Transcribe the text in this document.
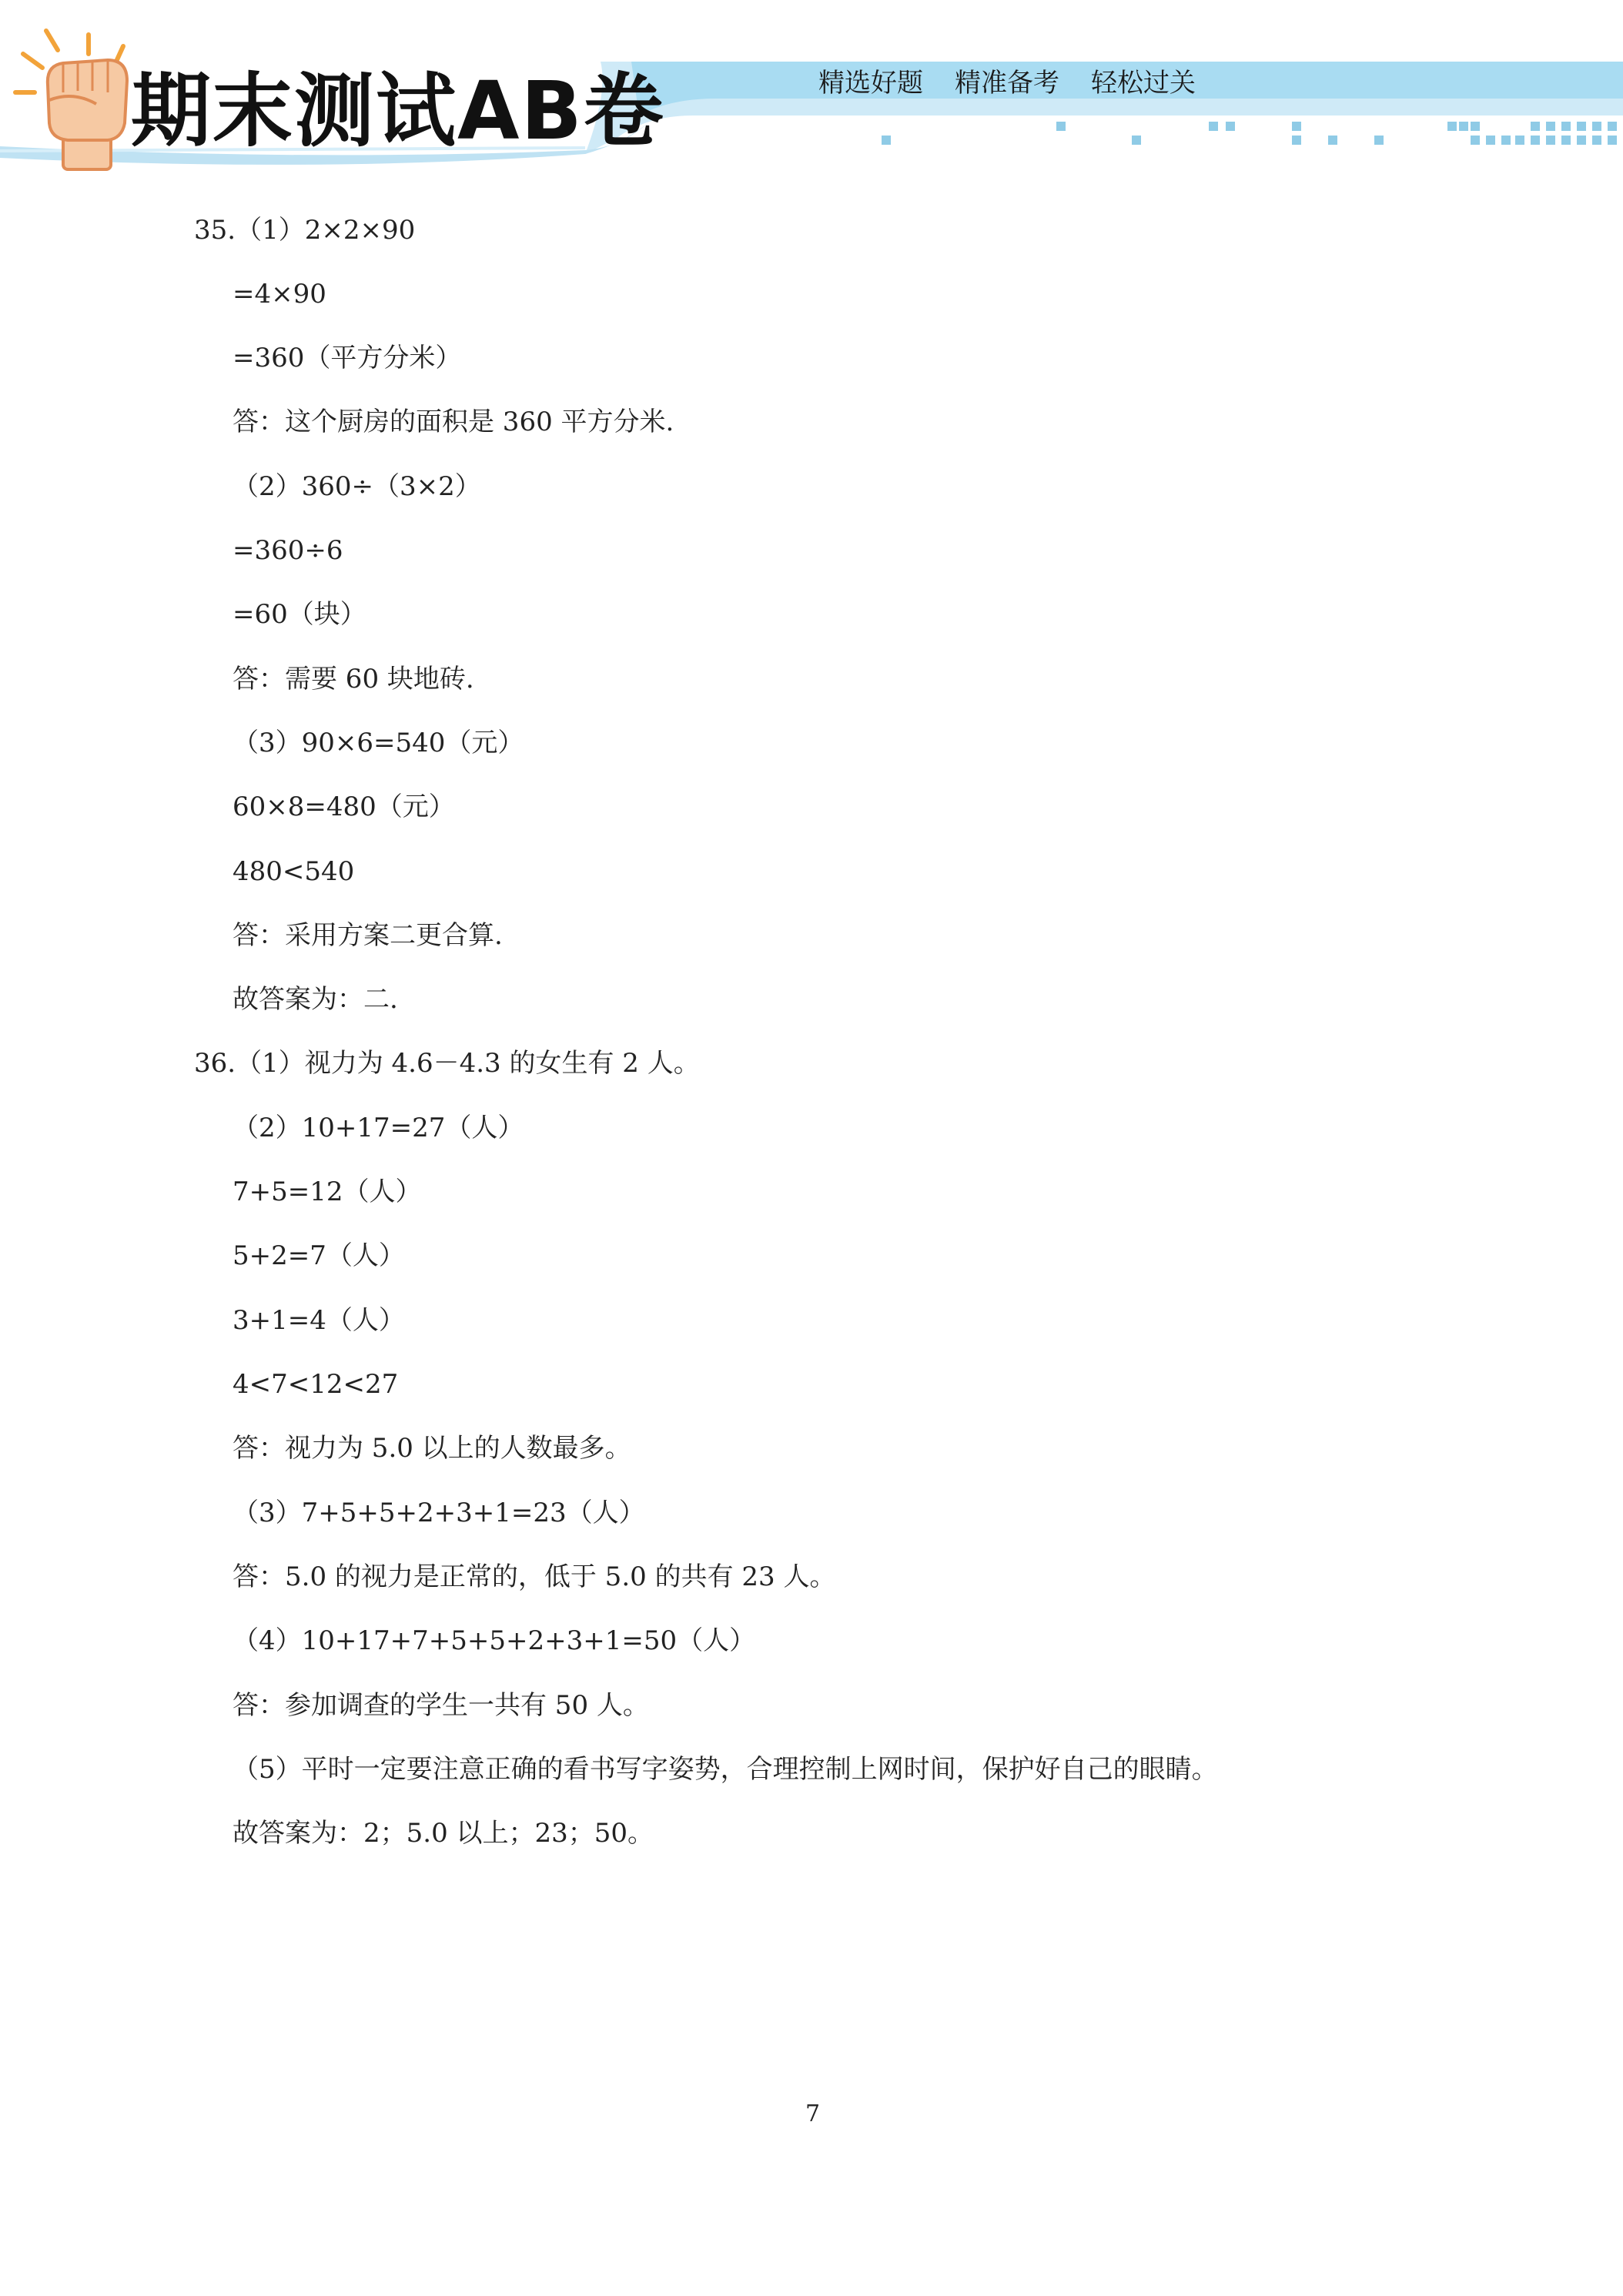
期末测试AB卷	精选好题 精准备考 轻松过关
35.（1）2×2×90
=4×90
=360（平方分米）
答：这个厨房的面积是 360 平方分米.
（2）360÷（3×2）
=360÷6
=60（块）
答：需要 60 块地砖.
（3）90×6=540（元）
60×8=480（元）
480<540
答：采用方案二更合算.
故答案为：二.
36.（1）视力为 4.6－4.3 的女生有 2 人。
（2）10+17=27（人）
7+5=12（人）
5+2=7（人）
3+1=4（人）
4<7<12<27
答：视力为 5.0 以上的人数最多。
（3）7+5+5+2+3+1=23（人）
答：5.0 的视力是正常的，低于 5.0 的共有 23 人。
（4）10+17+7+5+5+2+3+1=50（人）
答：参加调查的学生一共有 50 人。
（5）平时一定要注意正确的看书写字姿势，合理控制上网时间，保护好自己的眼睛。
故答案为：2；5.0 以上；23；50。
7
